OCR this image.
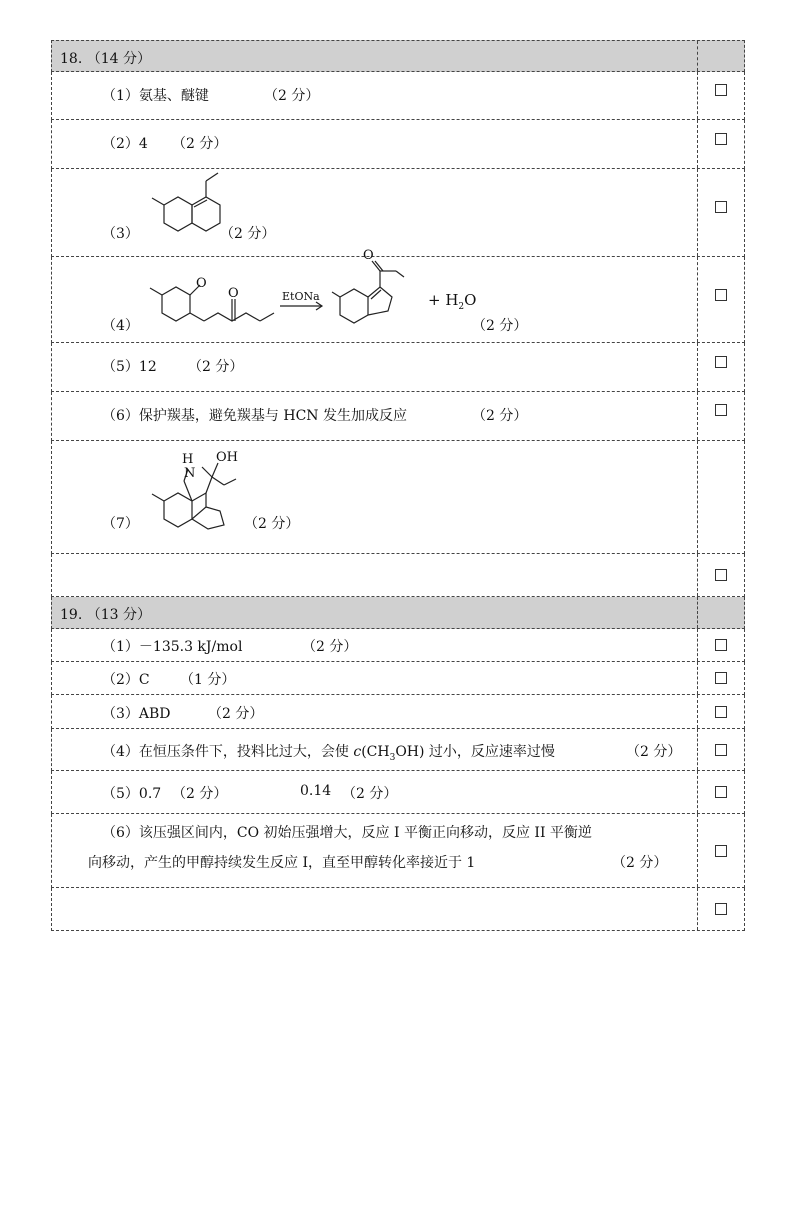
18. （14 分）
（1）氨基、醚键	（2 分）
（2）4 （2 分）
（3）	（2 分）
（4）
O
O	EtONa
O
+ $H_2O$
（2 分）
（5）12 （2 分）
（6）保护羰基，避免羰基与 HCN 发生加成反应	（2 分）
（7）
H
N
OH
（2 分）
19. （13 分）
（1）－135.3 kJ/mol	（2 分）
（2）C （1 分）
（3）ABD	（2 分）
（4）在恒压条件下，投料比过大，会使 $c(CH_3OH)$ 过小，反应速率过慢	（2 分）
（5）0.7 （2 分）	0.14 （2 分）
（6）该压强区间内，CO 初始压强增大，反应 I 平衡正向移动，反应 II 平衡逆
向移动，产生的甲醇持续发生反应 I，直至甲醇转化率接近于 1	（2 分）
